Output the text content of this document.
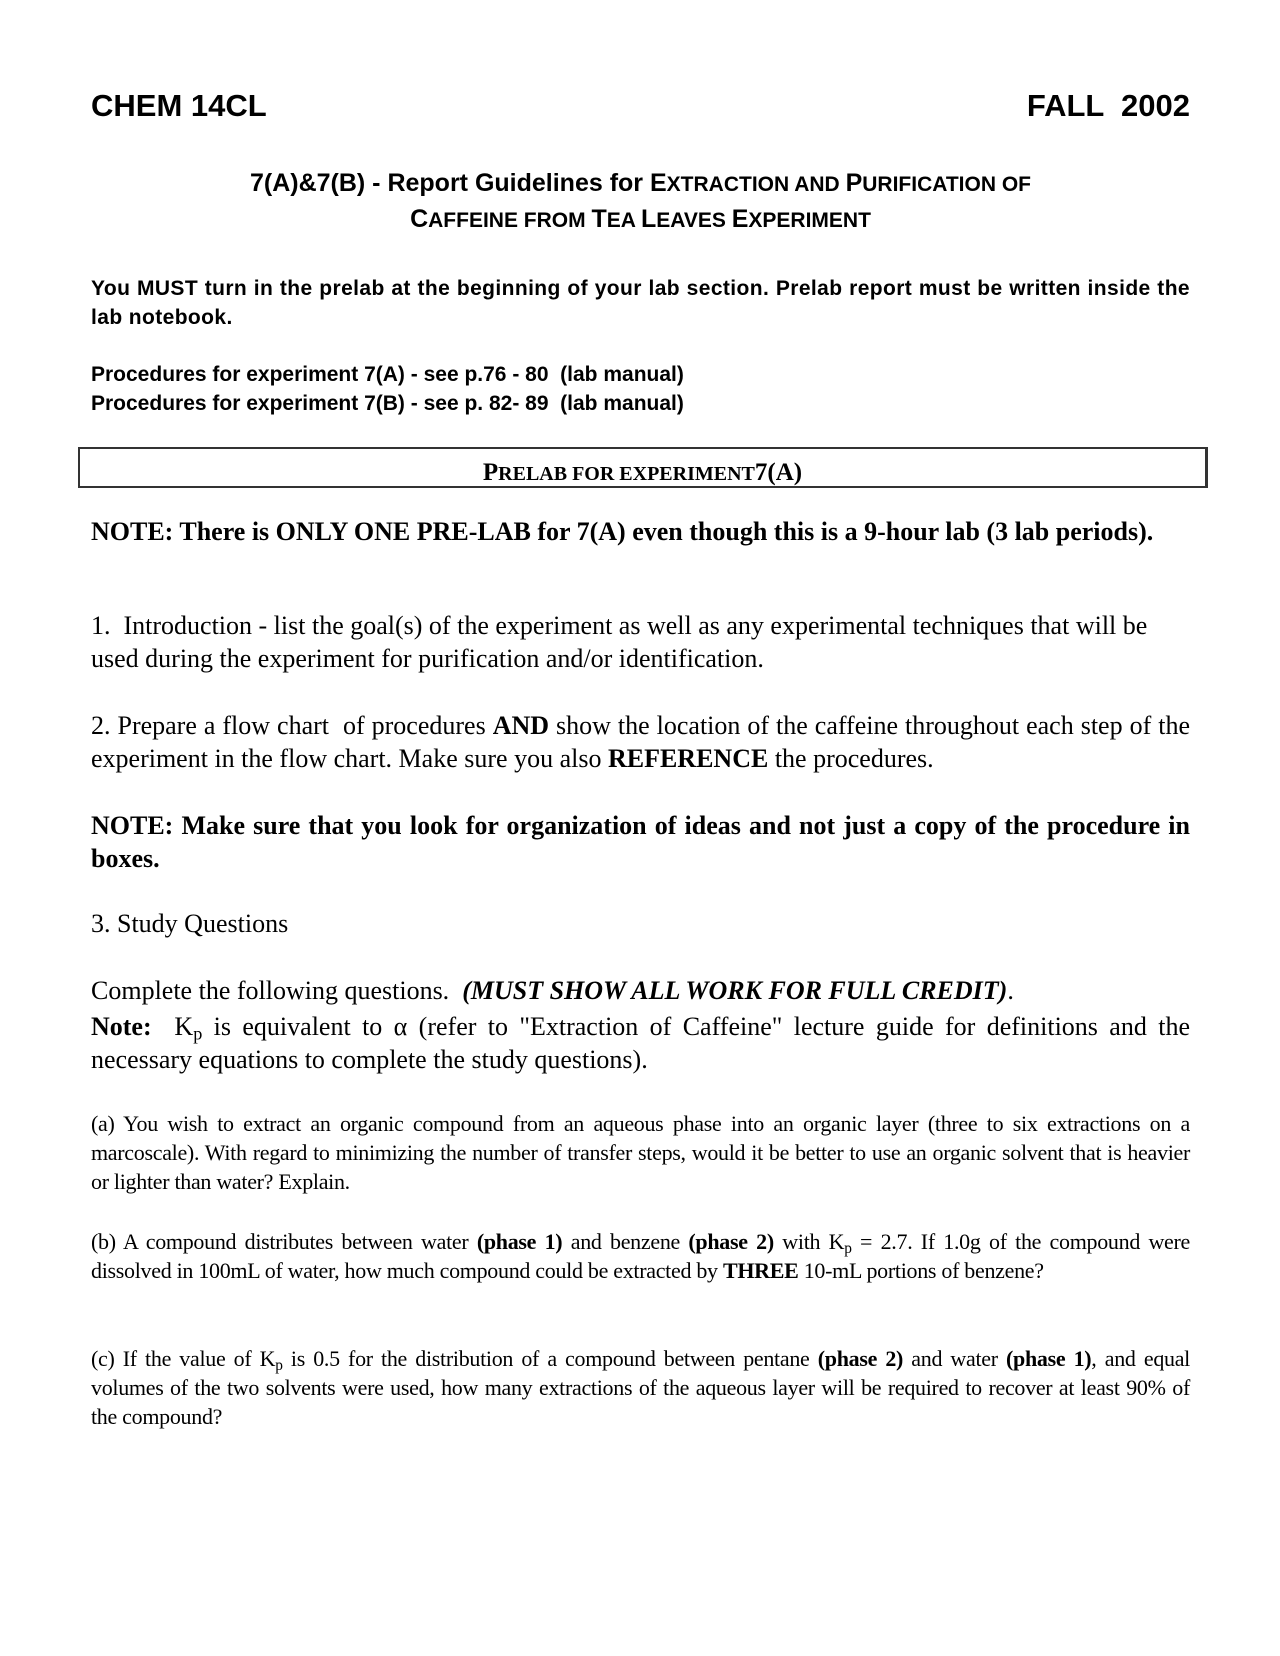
CHEM 14CL	FALL  2002
7(A)&7(B) - Report Guidelines for EXTRACTION AND PURIFICATION OF
CAFFEINE FROM TEA LEAVES EXPERIMENT
You MUST turn in the prelab at the beginning of your lab section. Prelab report must be written inside the lab notebook.
Procedures for experiment 7(A) - see p.76 - 80  (lab manual)
Procedures for experiment 7(B) - see p. 82- 89  (lab manual)
PRELAB FOR EXPERIMENT7(A)
NOTE: There is ONLY ONE PRE-LAB for 7(A) even though this is a 9-hour lab (3 lab periods).
1.  Introduction - list the goal(s) of the experiment as well as any experimental techniques that will be used during the experiment for purification and/or identification.
2. Prepare a flow chart  of procedures AND show the location of the caffeine throughout each step of the experiment in the flow chart. Make sure you also REFERENCE the procedures.
NOTE: Make sure that you look for organization of ideas and not just a copy of the procedure in boxes.
3. Study Questions
Complete the following questions.  (MUST SHOW ALL WORK FOR FULL CREDIT).
Note:  $K_p$ is equivalent to α (refer to "Extraction of Caffeine" lecture guide for definitions and the necessary equations to complete the study questions).
(a) You wish to extract an organic compound from an aqueous phase into an organic layer (three to six extractions on a marcoscale). With regard to minimizing the number of transfer steps, would it be better to use an organic solvent that is heavier or lighter than water? Explain.
(b) A compound distributes between water (phase 1) and benzene (phase 2) with $K_p = 2.7$. If 1.0g of the compound were dissolved in 100mL of water, how much compound could be extracted by THREE 10-mL portions of benzene?
(c) If the value of $K_p$ is 0.5 for the distribution of a compound between pentane (phase 2) and water (phase 1), and equal volumes of the two solvents were used, how many extractions of the aqueous layer will be required to recover at least 90% of the compound?
